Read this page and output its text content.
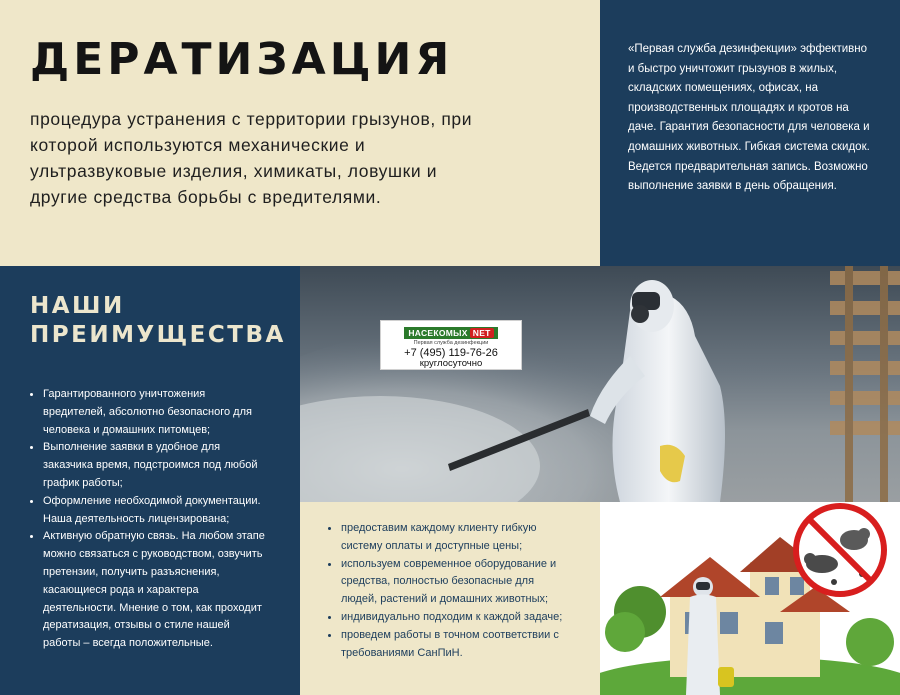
ДЕРАТИЗАЦИЯ

процедура устранения с территории грызунов, при которой используются механические и ультразвуковые изделия, химикаты, ловушки и другие средства борьбы с вредителями.

«Первая служба дезинфекции» эффективно и быстро уничтожит грызунов в жилых, складских помещениях, офисах, на производственных площадях и кротов на даче. Гарантия безопасности для человека и домашних животных. Гибкая система скидок. Ведется предварительная запись. Возможно выполнение заявки в день обращения.

НАШИ
ПРЕИМУЩЕСТВА
Гарантированного уничтожения вредителей, абсолютно безопасного для человека и домашних питомцев;
Выполнение заявки в удобное для заказчика время, подстроимся под любой график работы;
Оформление необходимой документации. Наша деятельность лицензирована;
Активную обратную связь. На любом этапе можно связаться с руководством, озвучить претензии, получить разъяснения, касающиеся рода и характера деятельности. Мнение о том, как проходит дератизация, отзывы о стиле нашей работы – всегда положительные.
НАСЕКОМЫХ NET
Первая служба дезинфекции
+7 (495) 119-76-26
круглосуточно
предоставим каждому клиенту гибкую систему оплаты и доступные цены;
используем современное оборудование и средства, полностью безопасные для людей, растений и домашних животных;
индивидуально подходим к каждой задаче;
проведем работы в точном соответствии с требованиями СанПиН.
